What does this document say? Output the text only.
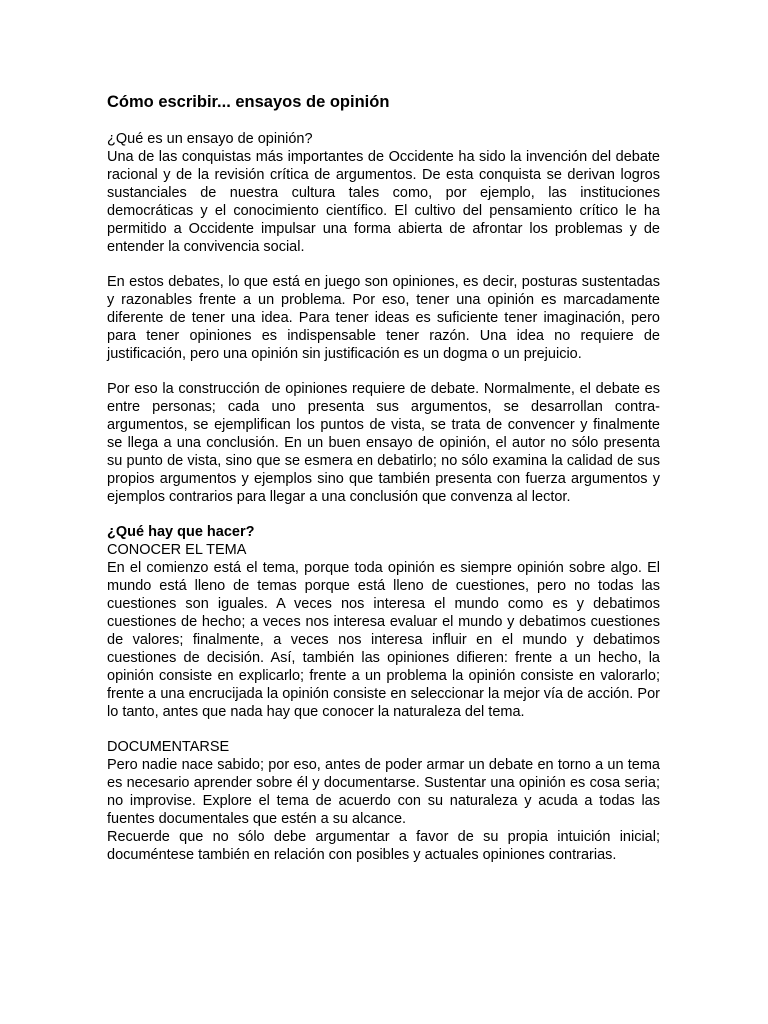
Cómo escribir... ensayos de opinión

¿Qué es un ensayo de opinión?

Una de las conquistas más importantes de Occidente ha sido la invención del debate racional y de la revisión crítica de argumentos. De esta conquista se derivan logros sustanciales de nuestra cultura tales como, por ejemplo, las instituciones democráticas y el conocimiento científico. El cultivo del pensamiento crítico le ha permitido a Occidente impulsar una forma abierta de afrontar los problemas y de entender la convivencia social.

En estos debates, lo que está en juego son opiniones, es decir, posturas sustentadas y razonables frente a un problema. Por eso, tener una opinión es marcadamente diferente de tener una idea. Para tener ideas es suficiente tener imaginación, pero para tener opiniones es indispensable tener razón. Una idea no requiere de justificación, pero una opinión sin justificación es un dogma o un prejuicio.

Por eso la construcción de opiniones requiere de debate. Normalmente, el debate es entre personas; cada uno presenta sus argumentos, se desarrollan contra-argumentos, se ejemplifican los puntos de vista, se trata de convencer y finalmente se llega a una conclusión. En un buen ensayo de opinión, el autor no sólo presenta su punto de vista, sino que se esmera en debatirlo; no sólo examina la calidad de sus propios argumentos y ejemplos sino que también presenta con fuerza argumentos y ejemplos contrarios para llegar a una conclusión que convenza al lector.

¿Qué hay que hacer?

CONOCER EL TEMA

En el comienzo está el tema, porque toda opinión es siempre opinión sobre algo. El mundo está lleno de temas porque está lleno de cuestiones, pero no todas las cuestiones son iguales. A veces nos interesa el mundo como es y debatimos cuestiones de hecho; a veces nos interesa evaluar el mundo y debatimos cuestiones de valores; finalmente, a veces nos interesa influir en el mundo y debatimos cuestiones de decisión. Así, también las opiniones difieren: frente a un hecho, la opinión consiste en explicarlo; frente a un problema la opinión consiste en valorarlo; frente a una encrucijada la opinión consiste en seleccionar la mejor vía de acción. Por lo tanto, antes que nada hay que conocer la naturaleza del tema.

DOCUMENTARSE

Pero nadie nace sabido; por eso, antes de poder armar un debate en torno a un tema es necesario aprender sobre él y documentarse. Sustentar una opinión es cosa seria; no improvise. Explore el tema de acuerdo con su naturaleza y acuda a todas las fuentes documentales que estén a su alcance.

Recuerde que no sólo debe argumentar a favor de su propia intuición inicial; documéntese también en relación con posibles y actuales opiniones contrarias.
